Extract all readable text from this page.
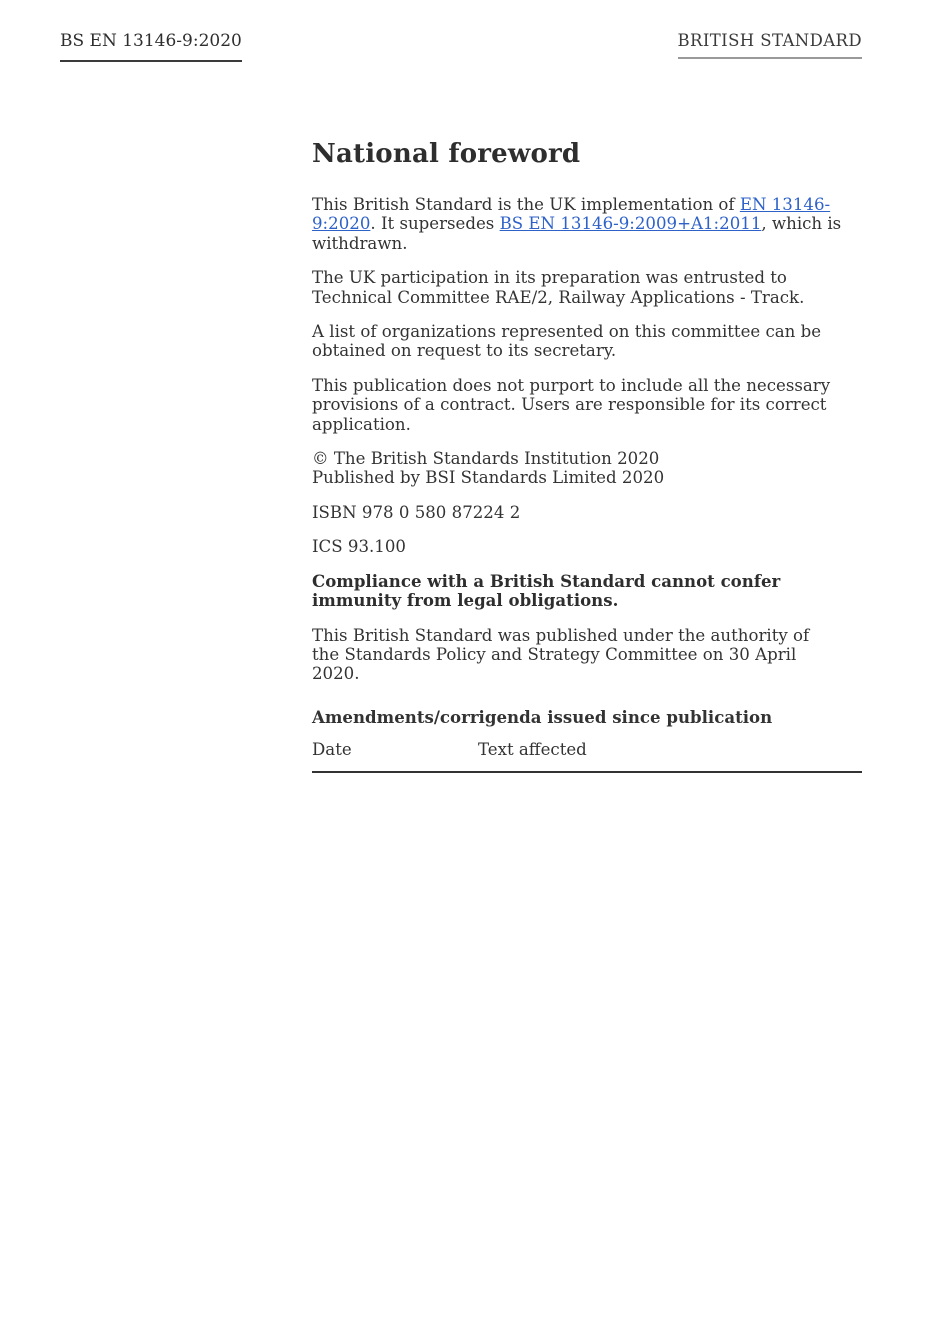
BS EN 13146-9:2020	BRITISH STANDARD
National foreword

This British Standard is the UK implementation of EN 13146-9:2020. It supersedes BS EN 13146-9:2009+A1:2011, which is withdrawn.

The UK participation in its preparation was entrusted to Technical Committee RAE/2, Railway Applications - Track.

A list of organizations represented on this committee can be obtained on request to its secretary.

This publication does not purport to include all the necessary provisions of a contract. Users are responsible for its correct application.

© The British Standards Institution 2020

Published by BSI Standards Limited 2020

ISBN 978 0 580 87224 2

ICS 93.100

Compliance with a British Standard cannot confer immunity from legal obligations.

This British Standard was published under the authority of the Standards Policy and Strategy Committee on 30 April 2020.

Amendments/corrigenda issued since publication

Date	Text affected
